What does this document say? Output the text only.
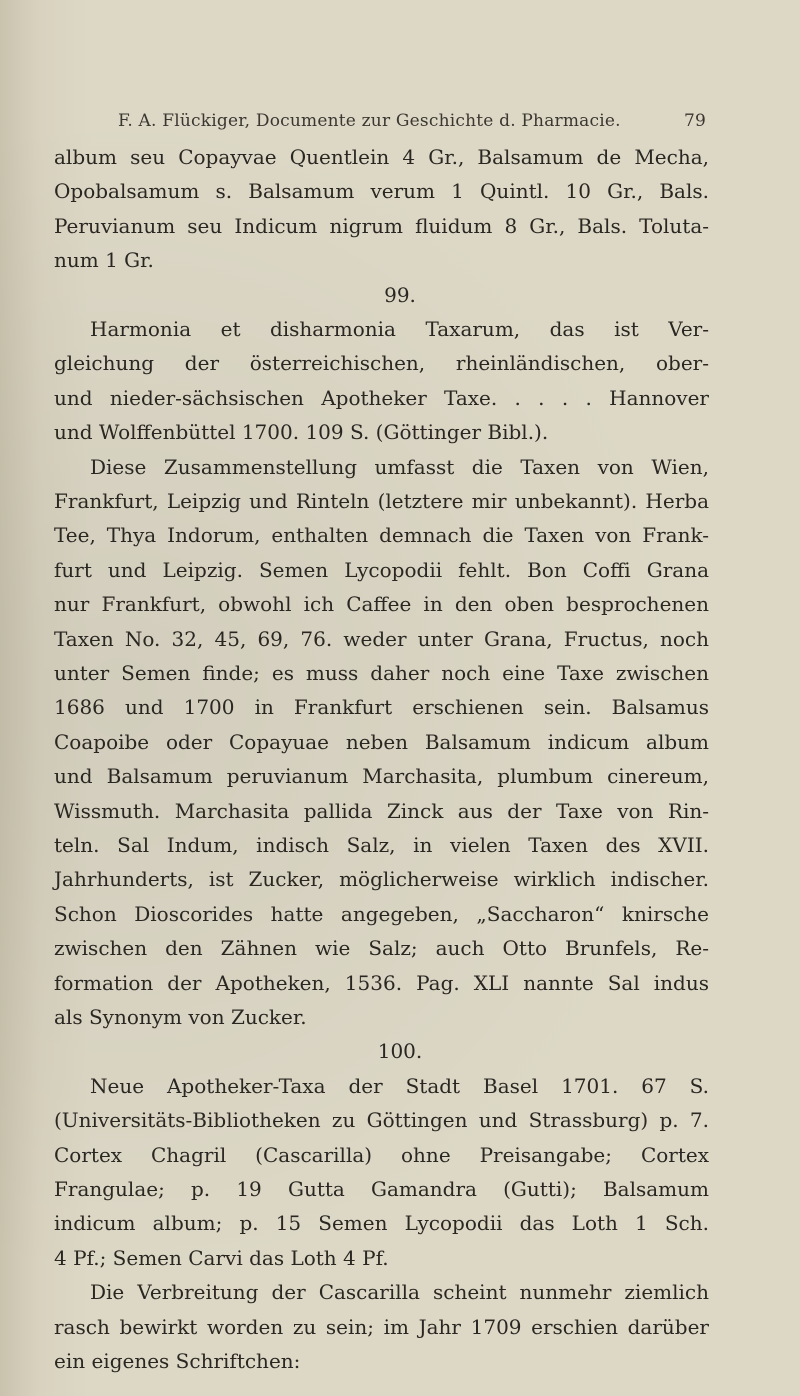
F. A. Flückiger, Documente zur Geschichte d. Pharmacie.	79
album seu Copayvae Quentlein 4 Gr., Balsamum de Mecha,
Opobalsamum s. Balsamum verum 1 Quintl. 10 Gr., Bals.
Peruvianum seu Indicum nigrum fluidum 8 Gr., Bals. Toluta-
num 1 Gr.
99.
Harmonia et disharmonia Taxarum, das ist Ver-
gleichung der österreichischen, rheinländischen, ober-
und nieder-sächsischen Apotheker Taxe. . . . . Hannover
und Wolffenbüttel 1700. 109 S. (Göttinger Bibl.).
Diese Zusammenstellung umfasst die Taxen von Wien,
Frankfurt, Leipzig und Rinteln (letztere mir unbekannt). Herba
Tee, Thya Indorum, enthalten demnach die Taxen von Frank-
furt und Leipzig. Semen Lycopodii fehlt. Bon Coffi Grana
nur Frankfurt, obwohl ich Caffee in den oben besprochenen
Taxen No. 32, 45, 69, 76. weder unter Grana, Fructus, noch
unter Semen finde; es muss daher noch eine Taxe zwischen
1686 und 1700 in Frankfurt erschienen sein. Balsamus
Coapoibe oder Copayuae neben Balsamum indicum album
und Balsamum peruvianum Marchasita, plumbum cinereum,
Wissmuth. Marchasita pallida Zinck aus der Taxe von Rin-
teln. Sal Indum, indisch Salz, in vielen Taxen des XVII.
Jahrhunderts, ist Zucker, möglicherweise wirklich indischer.
Schon Dioscorides hatte angegeben, „Saccharon“ knirsche
zwischen den Zähnen wie Salz; auch Otto Brunfels, Re-
formation der Apotheken, 1536. Pag. XLI nannte Sal indus
als Synonym von Zucker.
100.
Neue Apotheker-Taxa der Stadt Basel 1701. 67 S.
(Universitäts-Bibliotheken zu Göttingen und Strassburg) p. 7.
Cortex Chagril (Cascarilla) ohne Preisangabe; Cortex
Frangulae; p. 19 Gutta Gamandra (Gutti); Balsamum
indicum album; p. 15 Semen Lycopodii das Loth 1 Sch.
4 Pf.; Semen Carvi das Loth 4 Pf.
Die Verbreitung der Cascarilla scheint nunmehr ziemlich
rasch bewirkt worden zu sein; im Jahr 1709 erschien darüber
ein eigenes Schriftchen:
